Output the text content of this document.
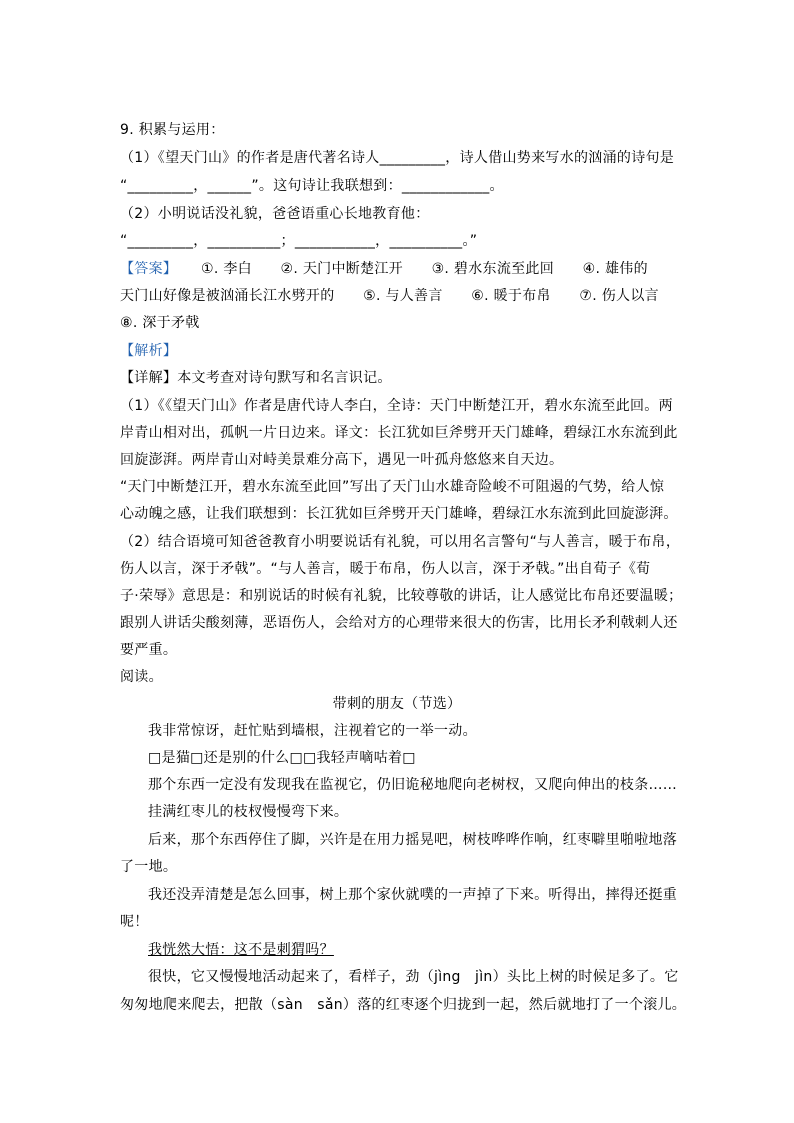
9. 积累与运用：
（1）《望天门山》的作者是唐代著名诗人_________，诗人借山势来写水的汹涌的诗句是
“_________，______”。这句诗让我联想到：____________。
（2）小明说话没礼貌，爸爸语重心长地教育他：
“_________，__________；___________，__________。”
【答案】 ①. 李白　　②. 天门中断楚江开　　③. 碧水东流至此回　　④. 雄伟的
天门山好像是被汹涌长江水劈开的　　⑤. 与人善言　　⑥. 暖于布帛　　⑦. 伤人以言
⑧. 深于矛戟
【解析】
【详解】本文考查对诗句默写和名言识记。
（1）《《望天门山》作者是唐代诗人李白，全诗：天门中断楚江开，碧水东流至此回。两
岸青山相对出，孤帆一片日边来。译文：长江犹如巨斧劈开天门雄峰，碧绿江水东流到此
回旋澎湃。两岸青山对峙美景难分高下，遇见一叶孤舟悠悠来自天边。
“天门中断楚江开，碧水东流至此回”写出了天门山水雄奇险峻不可阻遏的气势，给人惊
心动魄之感，让我们联想到：长江犹如巨斧劈开天门雄峰，碧绿江水东流到此回旋澎湃。
（2）结合语境可知爸爸教育小明要说话有礼貌，可以用名言警句“与人善言，暖于布帛，
伤人以言，深于矛戟”。“与人善言，暖于布帛，伤人以言，深于矛戟。”出自荀子《荀
子·荣辱》意思是：和别说话的时候有礼貌，比较尊敬的讲话，让人感觉比布帛还要温暖；
跟别人讲话尖酸刻薄，恶语伤人，会给对方的心理带来很大的伤害，比用长矛利戟刺人还
要严重。
阅读。
带刺的朋友（节选）
我非常惊讶，赶忙贴到墙根，注视着它的一举一动。
□是猫□还是别的什么□□我轻声嘀咕着□
那个东西一定没有发现我在监视它，仍旧诡秘地爬向老树杈，又爬向伸出的枝条……
挂满红枣儿的枝杈慢慢弯下来。
后来，那个东西停住了脚，兴许是在用力摇晃吧，树枝哗哗作响，红枣噼里啪啦地落
了一地。
我还没弄清楚是怎么回事，树上那个家伙就噗的一声掉了下来。听得出，摔得还挺重
呢！
我恍然大悟：这不是刺猬吗？
很快，它又慢慢地活动起来了，看样子，劲（jìng　jìn）头比上树的时候足多了。它
匆匆地爬来爬去，把散（sàn　sǎn）落的红枣逐个归拢到一起，然后就地打了一个滚儿。
